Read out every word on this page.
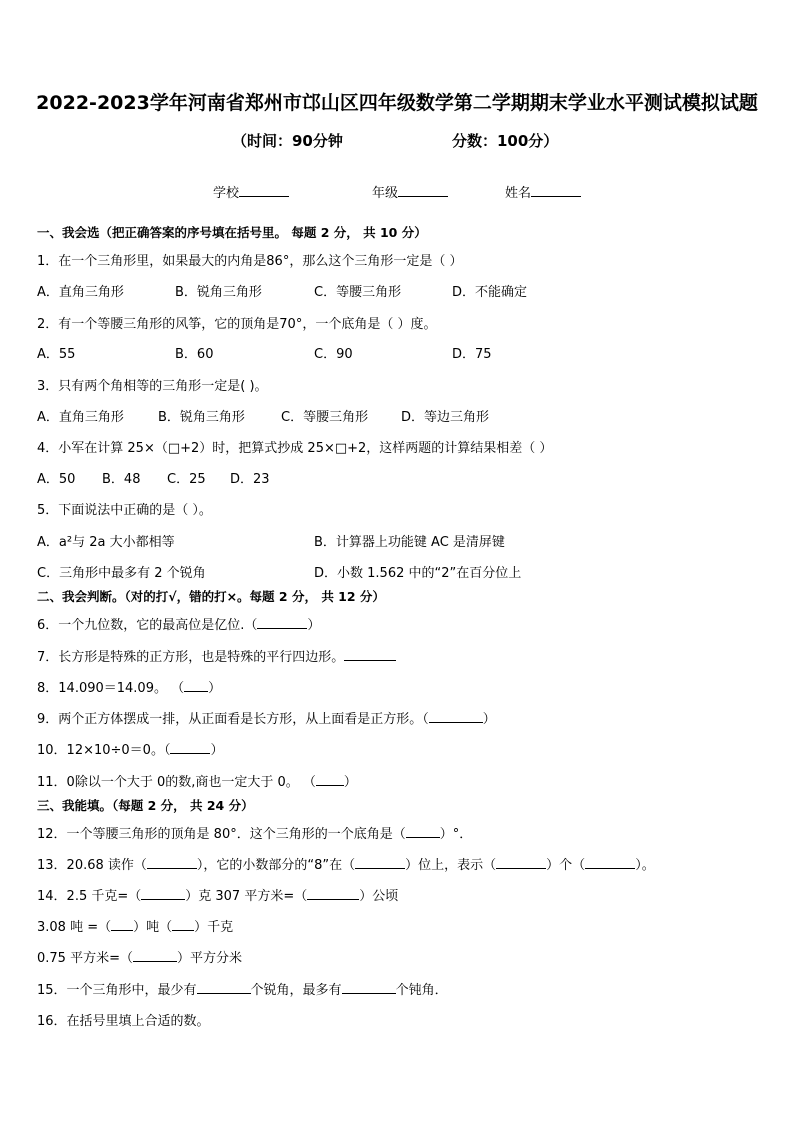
2022-2023学年河南省郑州市邙山区四年级数学第二学期期末学业水平测试模拟试题
（时间：90分钟	分数：100分）
学校	年级	姓名
一、我会选（把正确答案的序号填在括号里。 每题 2 分， 共 10 分）
1．在一个三角形里，如果最大的内角是86°，那么这个三角形一定是（ ）
A．直角三角形	B．锐角三角形	C．等腰三角形	D．不能确定
2．有一个等腰三角形的风筝，它的顶角是70°，一个底角是（ ）度。
A．55	B．60	C．90	D．75
3．只有两个角相等的三角形一定是( )。
A．直角三角形	B．锐角三角形	C．等腰三角形	D．等边三角形
4．小军在计算 25×（□+2）时，把算式抄成 25×□+2，这样两题的计算结果相差（ ）
A．50 B．48 C．25 D．23
5．下面说法中正确的是（ ）。
A．a²与 2a 大小都相等	B．计算器上功能键 AC 是清屏键
C．三角形中最多有 2 个锐角	D．小数 1.562 中的“2”在百分位上
二、我会判断。（对的打√，错的打×。每题 2 分， 共 12 分）
6．一个九位数，它的最高位是亿位.（	）
7．长方形是特殊的正方形，也是特殊的平行四边形。
8．14.090＝14.09。 （ ）
9．两个正方体摆成一排，从正面看是长方形，从上面看是正方形。（	）
10．12×10÷0＝0。（	）
11．0除以一个大于 0的数,商也一定大于 0。 （ ）
三、我能填。（每题 2 分， 共 24 分）
12．一个等腰三角形的顶角是 80°．这个三角形的一个底角是（	）°．
13．20.68 读作（	），它的小数部分的“8”在（	）位上，表示（	）个（	）。
14．2.5 千克=（	）克 307 平方米=（	）公顷
3.08 吨 =（ ）吨（ ）千克
0.75 平方米=（	）平方分米
15．一个三角形中，最少有	个锐角，最多有	个钝角．
16．在括号里填上合适的数。
